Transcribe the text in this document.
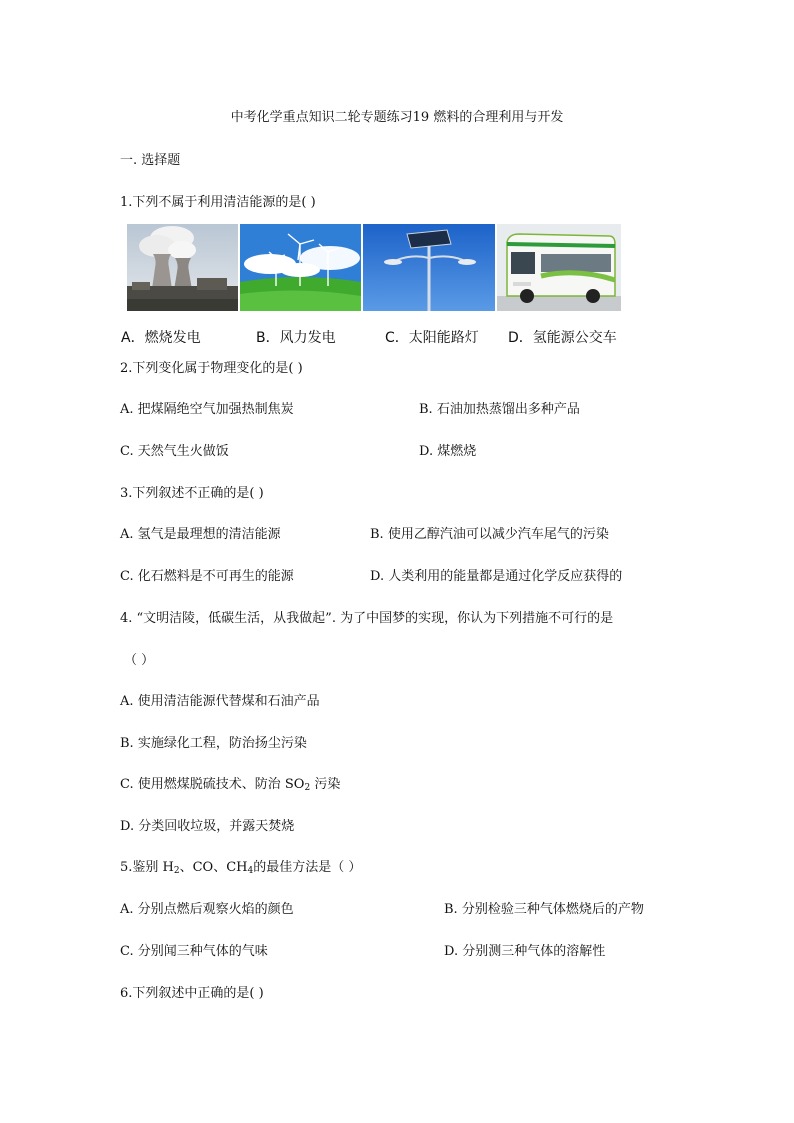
中考化学重点知识二轮专题练习19 燃料的合理利用与开发
一. 选择题
1.下列不属于利用清洁能源的是( )
A．燃烧发电	B．风力发电	C．太阳能路灯 D．氢能源公交车
2.下列变化属于物理变化的是( )
A. 把煤隔绝空气加强热制焦炭	B. 石油加热蒸馏出多种产品
C. 天然气生火做饭	D. 煤燃烧
3.下列叙述不正确的是( )
A. 氢气是最理想的清洁能源	B. 使用乙醇汽油可以减少汽车尾气的污染
C. 化石燃料是不可再生的能源	D. 人类利用的能量都是通过化学反应获得的
4. “文明洁陵，低碳生活，从我做起”. 为了中国梦的实现，你认为下列措施不可行的是
（ ）
A. 使用清洁能源代替煤和石油产品
B. 实施绿化工程，防治扬尘污染
C. 使用燃煤脱硫技术、防治 $SO_2$ 污染
D. 分类回收垃圾，并露天焚烧
5.鉴别 $H_2$、CO、$CH_4$的最佳方法是（ ）
A. 分别点燃后观察火焰的颜色	B. 分别检验三种气体燃烧后的产物
C. 分别闻三种气体的气味	D. 分别测三种气体的溶解性
6.下列叙述中正确的是( )
